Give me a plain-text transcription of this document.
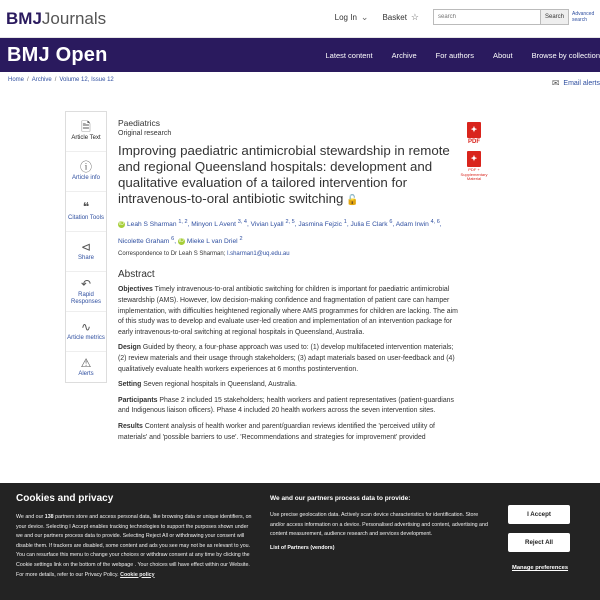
BMJJournals	Log In ⌄ Basket ☆
search	Search	Advanced search
BMJ Open	Latest content	Archive	For authors	About	Browse by collection
Home / Archive / Volume 12, Issue 12	✉ Email alerts
🗎
Article Text
ⓘ
Article info
❝
Citation Tools
⊲
Share
↶
Rapid Responses
∿
Article metrics
⚠
Alerts
✦
PDF
✦
PDF + Supplementary Material
Paediatrics
Original research
Improving paediatric antimicrobial stewardship in remote and regional Queensland hospitals: development and qualitative evaluation of a tailored intervention for intravenous-to-oral antibiotic switching 🔓
iD Leah S Sharman $^{1, 2}$, Minyon L Avent $^{3, 4}$, Vivian Lyall $^{2, 5}$, Jasmina Fejzic $^1$, Julia E Clark $^6$, Adam Irwin $^{4, 6}$, Nicolette Graham $^6$, iD Mieke L van Driel $^2$
Correspondence to Dr Leah S Sharman; l.sharman1@uq.edu.au
Abstract

Objectives Timely intravenous-to-oral antibiotic switching for children is important for paediatric antimicrobial stewardship (AMS). However, low decision-making confidence and fragmentation of patient care can hamper implementation, with difficulties heightened regionally where AMS programmes for children are lacking. The aim of this study was to develop and evaluate user-led creation and implementation of an intervention package for early intravenous-to-oral switching at regional hospitals in Queensland, Australia.

Design Guided by theory, a four-phase approach was used to: (1) develop multifaceted intervention materials; (2) review materials and their usage through stakeholders; (3) adapt materials based on user-feedback and (4) qualitatively evaluate health workers experiences at 6 months postintervention.

Setting Seven regional hospitals in Queensland, Australia.

Participants Phase 2 included 15 stakeholders; health workers and patient representatives (patient-guardians and Indigenous liaison officers). Phase 4 included 20 health workers across the seven intervention sites.

Results Content analysis of health worker and parent/guardian reviews identified the 'perceived utility of materials' and 'possible barriers to use'. 'Recommendations and strategies for improvement' provided

Cookies and privacy
We and our 138 partners store and access personal data, like browsing data or unique identifiers, on your device. Selecting I Accept enables tracking technologies to support the purposes shown under we and our partners process data to provide. Selecting Reject All or withdrawing your consent will disable them. If trackers are disabled, some content and ads you see may not be as relevant to you. You can resurface this menu to change your choices or withdraw consent at any time by clicking the Cookie settings link on the bottom of the webpage . Your choices will have effect within our Website. For more details, refer to our Privacy Policy. Cookie policy
We and our partners process data to provide:
Use precise geolocation data. Actively scan device characteristics for identification. Store and/or access information on a device. Personalised advertising and content, advertising and content measurement, audience research and services development.
List of Partners (vendors)
I Accept
Reject All
Manage preferences
